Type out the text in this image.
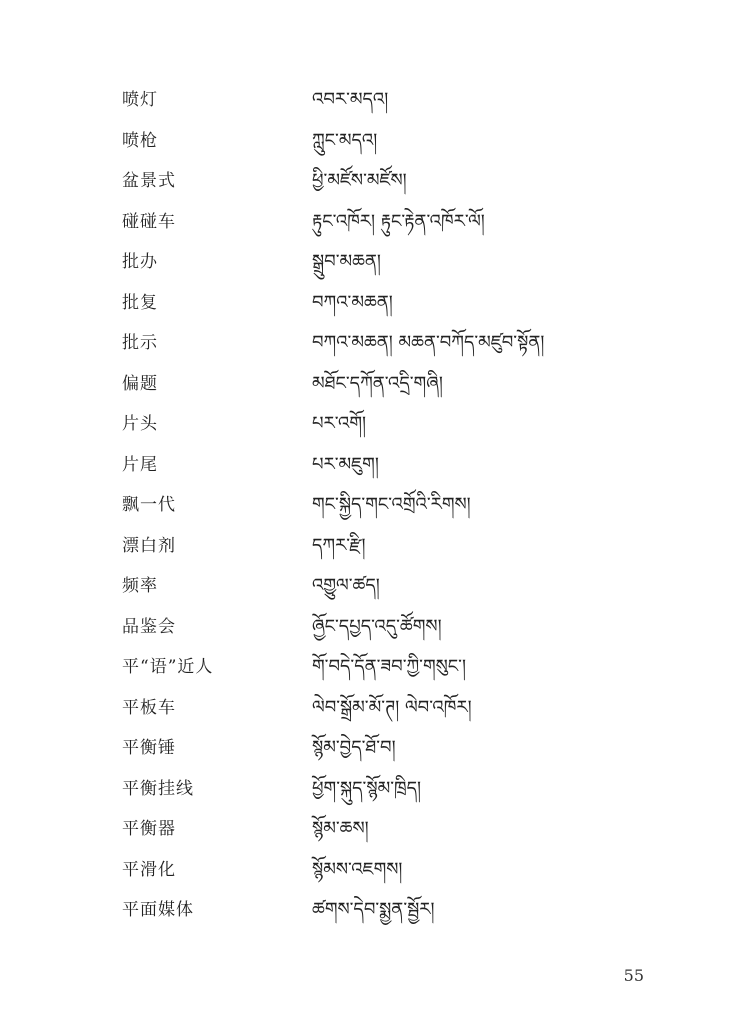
喷灯	འབར་མདའ།
喷枪	ཀླུང་མདའ།
盆景式	ཕྱི་མཛོས་མཛོས།
碰碰车	རྟུང་འཁོར། རྟུང་རྟེན་འཁོར་ལོ།
批办	སྒྲུབ་མཆན།
批复	བཀའ་མཆན།
批示	བཀའ་མཆན། མཆན་བཀོད་མཛུབ་སྟོན།
偏题	མཐོང་དཀོན་འདྲི་གཞི།
片头	པར་འགོ།
片尾	པར་མཇུག།
飘一代	གང་སྐྱིད་གང་འགྲོའི་རིགས།
漂白剂	དཀར་རྫི།
频率	འགྱུལ་ཚད།
品鉴会	ཞྱོང་དཔྱད་འདུ་ཚོགས།
平“语”近人	གོ་བདེ་དོན་ཟབ་ཀྱི་གསུང་།
平板车	ལེབ་སྒྲོམ་མོ་ཊ། ལེབ་འཁོར།
平衡锤	སྙོམ་བྱེད་ཐོ་བ།
平衡挂线	ཕྱོག་སྐུད་སྙོམ་ཁྲིད།
平衡器	སྙོམ་ཆས།
平滑化	སྙོམས་འཇགས།
平面媒体	ཚགས་དེབ་སྨྱན་སྦྱོར།
55
